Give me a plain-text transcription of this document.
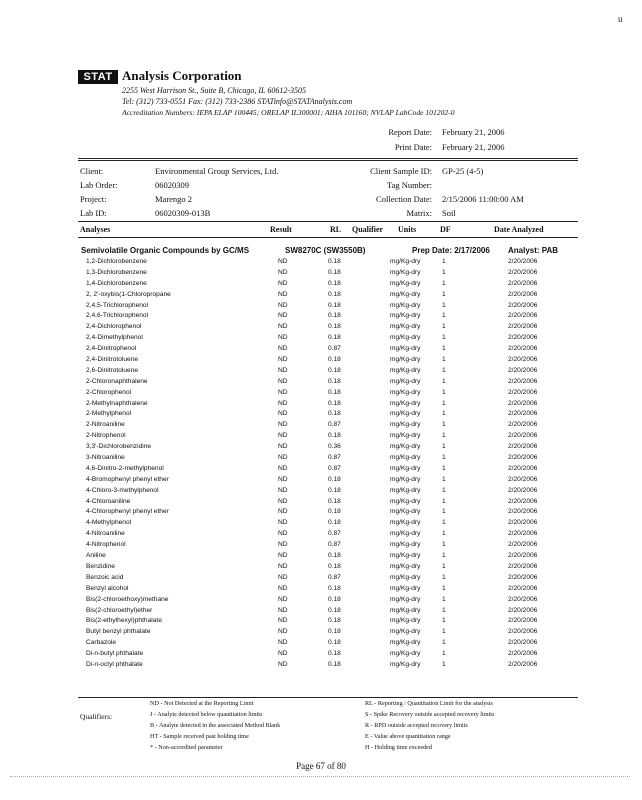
u
STAT Analysis Corporation
2255 West Harrison St., Suite B, Chicago, IL 60612-3505
Tel: (312) 733-0551 Fax: (312) 733-2386 STATinfo@STATAnalysis.com
Accreditation Numbers: IEPA ELAP 100445; ORELAP IL300001; AIHA 101160; NVLAP LabCode 101202-0
Report Date: February 21, 2006
Print Date: February 21, 2006
Client:	Environmental Group Services, Ltd.
Lab Order:	06020309
Project:	Marengo 2
Lab ID:	06020309-013B
Client Sample ID: GP-25 (4-5)
Tag Number:
Collection Date: 2/15/2006 11:00:00 AM
Matrix: Soil
Analyses	Result	RL Qualifier Units	DF	Date Analyzed
Semivolatile Organic Compounds by GC/MS	SW8270C (SW3550B)	Prep Date: 2/17/2006 Analyst: PAB
1,2-Dichlorobenzene	ND	0.18	mg/Kg-dry	1	2/20/2006
1,3-Dichlorobenzene	ND	0.18	mg/Kg-dry	1	2/20/2006
1,4-Dichlorobenzene	ND	0.18	mg/Kg-dry	1	2/20/2006
2, 2'-oxybis(1-Chloropropane	ND	0.18	mg/Kg-dry	1	2/20/2006
2,4,5-Trichlorophenol	ND	0.18	mg/Kg-dry	1	2/20/2006
2,4,6-Trichlorophenol	ND	0.18	mg/Kg-dry	1	2/20/2006
2,4-Dichlorophenol	ND	0.18	mg/Kg-dry	1	2/20/2006
2,4-Dimethylphenol	ND	0.18	mg/Kg-dry	1	2/20/2006
2,4-Dinitrophenol	ND	0.87	mg/Kg-dry	1	2/20/2006
2,4-Dinitrotoluene	ND	0.18	mg/Kg-dry	1	2/20/2006
2,6-Dinitrotoluene	ND	0.18	mg/Kg-dry	1	2/20/2006
2-Chloronaphthalene	ND	0.18	mg/Kg-dry	1	2/20/2006
2-Chlorophenol	ND	0.18	mg/Kg-dry	1	2/20/2006
2-Methylnaphthalene	ND	0.18	mg/Kg-dry	1	2/20/2006
2-Methylphenol	ND	0.18	mg/Kg-dry	1	2/20/2006
2-Nitroaniline	ND	0.87	mg/Kg-dry	1	2/20/2006
2-Nitrophenol	ND	0.18	mg/Kg-dry	1	2/20/2006
3,3'-Dichlorobenzidine	ND	0.36	mg/Kg-dry	1	2/20/2006
3-Nitroaniline	ND	0.87	mg/Kg-dry	1	2/20/2006
4,6-Dinitro-2-methylphenol	ND	0.87	mg/Kg-dry	1	2/20/2006
4-Bromophenyl phenyl ether	ND	0.18	mg/Kg-dry	1	2/20/2006
4-Chloro-3-methylphenol	ND	0.18	mg/Kg-dry	1	2/20/2006
4-Chloroaniline	ND	0.18	mg/Kg-dry	1	2/20/2006
4-Chlorophenyl phenyl ether	ND	0.18	mg/Kg-dry	1	2/20/2006
4-Methylphenol	ND	0.18	mg/Kg-dry	1	2/20/2006
4-Nitroaniline	ND	0.87	mg/Kg-dry	1	2/20/2006
4-Nitrophenol	ND	0.87	mg/Kg-dry	1	2/20/2006
Aniline	ND	0.18	mg/Kg-dry	1	2/20/2006
Benzidine	ND	0.18	mg/Kg-dry	1	2/20/2006
Benzoic acid	ND	0.87	mg/Kg-dry	1	2/20/2006
Benzyl alcohol	ND	0.18	mg/Kg-dry	1	2/20/2006
Bis(2-chloroethoxy)methane	ND	0.18	mg/Kg-dry	1	2/20/2006
Bis(2-chloroethyl)ether	ND	0.18	mg/Kg-dry	1	2/20/2006
Bis(2-ethylhexyl)phthalate	ND	0.18	mg/Kg-dry	1	2/20/2006
Butyl benzyl phthalate	ND	0.18	mg/Kg-dry	1	2/20/2006
Carbazole	ND	0.18	mg/Kg-dry	1	2/20/2006
Di-n-butyl phthalate	ND	0.18	mg/Kg-dry	1	2/20/2006
Di-n-octyl phthalate	ND	0.18	mg/Kg-dry	1	2/20/2006
Qualifiers:
ND - Not Detected at the Reporting Limit
J - Analyte detected below quantitation limits
B - Analyte detected in the associated Method Blank
HT - Sample received past holding time
* - Non-accredited parameter
RL - Reporting / Quantitation Limit for the analysis
S - Spike Recovery outside accepted recovery limits
R - RPD outside accepted recovery limits
E - Value above quantitation range
H - Holding time exceeded
Page 67 of 80
